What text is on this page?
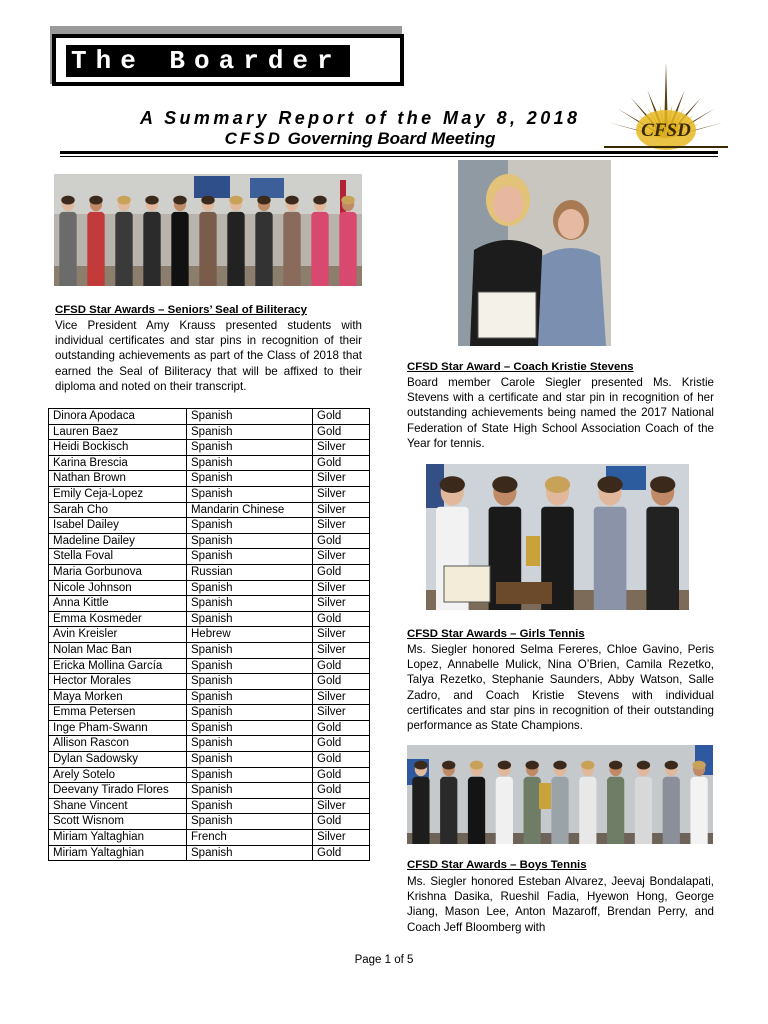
The Boarder
CFSD
A Summary Report of the May 8, 2018
CFSD Governing Board Meeting
CFSD Star Awards – Seniors’ Seal of Biliteracy
Vice President Amy Krauss presented students with individual certificates and star pins in recognition of their outstanding achievements as part of the Class of 2018 that earned the Seal of Biliteracy that will be affixed to their diploma and noted on their transcript.
Dinora Apodaca	Spanish	Gold
Lauren Baez	Spanish	Gold
Heidi Bockisch	Spanish	Silver
Karina Brescia	Spanish	Gold
Nathan Brown	Spanish	Silver
Emily Ceja-Lopez	Spanish	Silver
Sarah Cho	Mandarin Chinese	Silver
Isabel Dailey	Spanish	Silver
Madeline Dailey	Spanish	Gold
Stella Foval	Spanish	Silver
Maria Gorbunova	Russian	Gold
Nicole Johnson	Spanish	Silver
Anna Kittle	Spanish	Silver
Emma Kosmeder	Spanish	Gold
Avin Kreisler	Hebrew	Silver
Nolan Mac Ban	Spanish	Silver
Ericka Mollina García	Spanish	Gold
Hector Morales	Spanish	Gold
Maya Morken	Spanish	Silver
Emma Petersen	Spanish	Silver
Inge Pham-Swann	Spanish	Gold
Allison Rascon	Spanish	Gold
Dylan Sadowsky	Spanish	Gold
Arely Sotelo	Spanish	Gold
Deevany Tirado Flores	Spanish	Gold
Shane Vincent	Spanish	Silver
Scott Wisnom	Spanish	Gold
Miriam Yaltaghian	French	Silver
Miriam Yaltaghian	Spanish	Gold
CFSD Star Award – Coach Kristie Stevens
Board member Carole Siegler presented Ms. Kristie Stevens with a certificate and star pin in recognition of her outstanding achievements being named the 2017 National Federation of State High School Association Coach of the Year for tennis.
CFSD Star Awards – Girls Tennis
Ms. Siegler honored Selma Fereres, Chloe Gavino, Peris Lopez, Annabelle Mulick, Nina O’Brien, Camila Rezetko, Talya Rezetko, Stephanie Saunders, Abby Watson, Salle Zadro, and Coach Kristie Stevens with individual certificates and star pins in recognition of their outstanding performance as State Champions.
CFSD Star Awards – Boys Tennis
Ms. Siegler honored Esteban Alvarez, Jeevaj Bondalapati, Krishna Dasika, Rueshil Fadia, Hyewon Hong, George Jiang, Mason Lee, Anton Mazaroff, Brendan Perry, and Coach Jeff Bloomberg with
Page 1 of 5
